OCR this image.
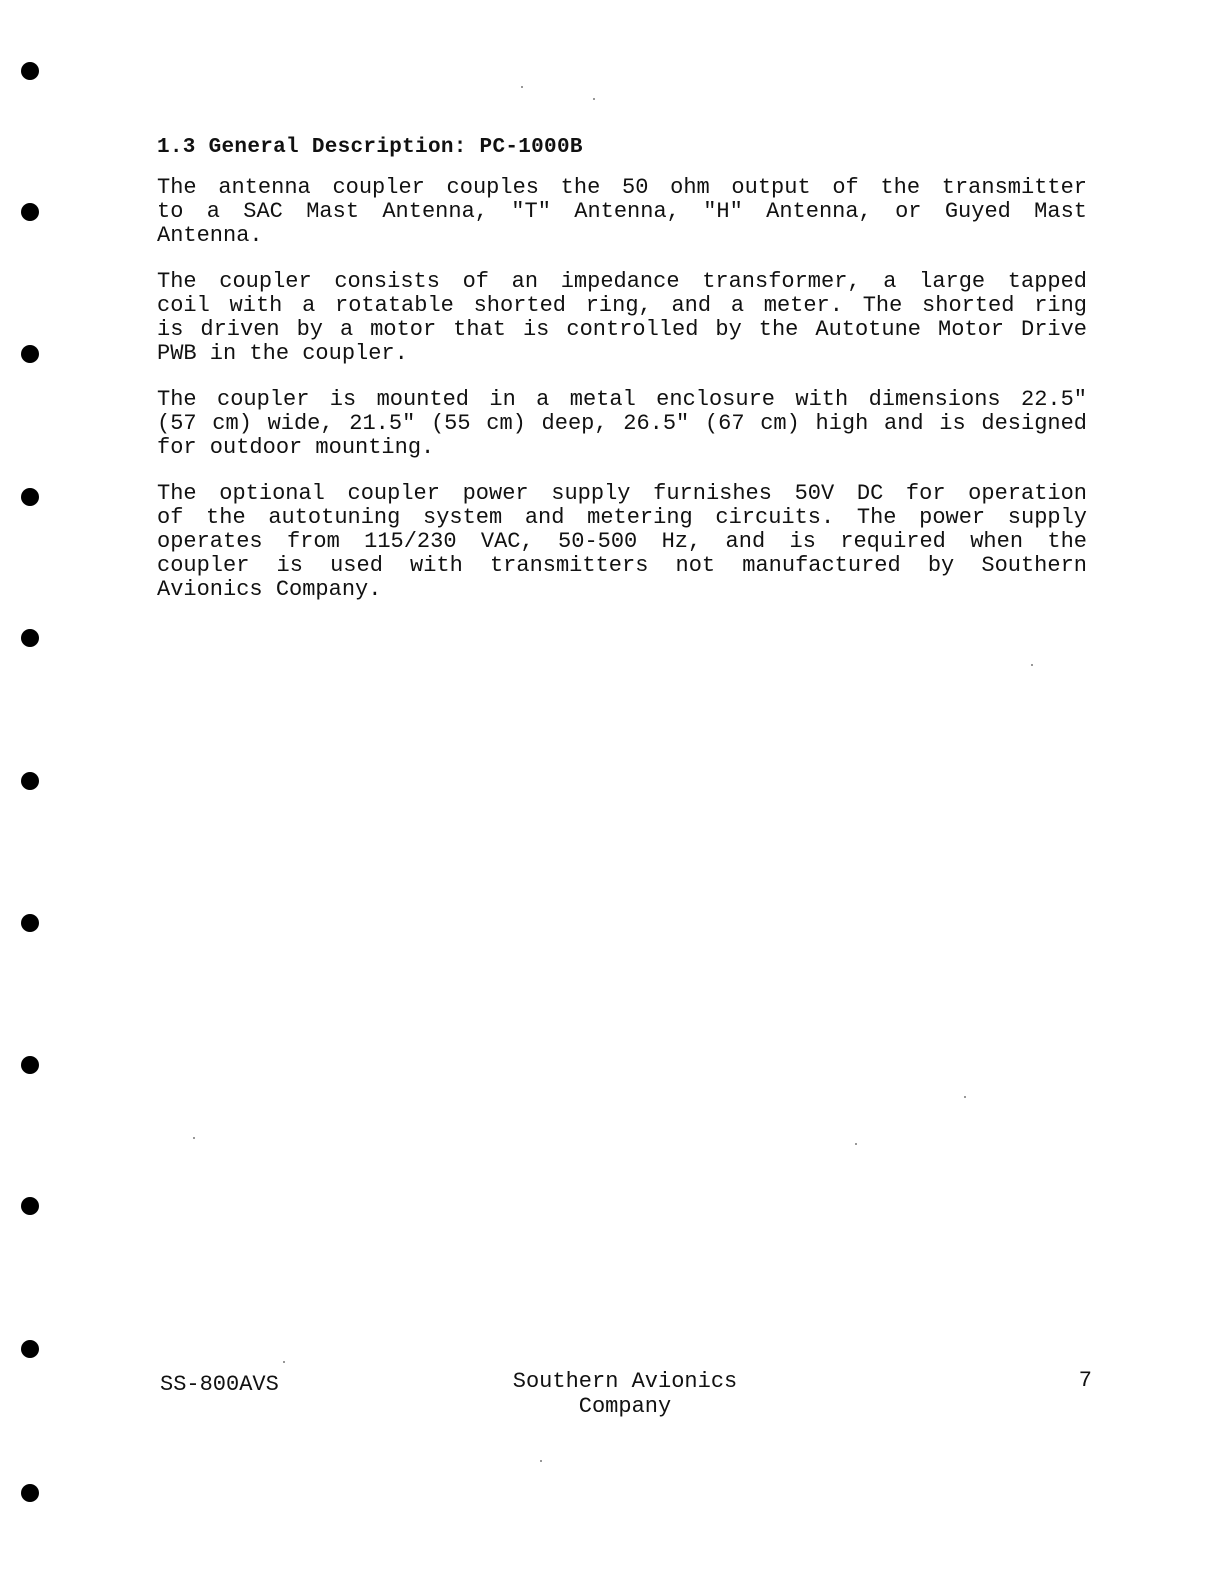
1.3 General Description: PC-1000B
The antenna coupler couples the 50 ohm output of the transmitter
to a SAC Mast Antenna, "T" Antenna, "H" Antenna, or Guyed Mast
Antenna.
The coupler consists of an impedance transformer, a large tapped
coil with a rotatable shorted ring, and a meter. The shorted ring
is driven by a motor that is controlled by the Autotune Motor Drive
PWB in the coupler.
The coupler is mounted in a metal enclosure with dimensions 22.5"
(57 cm) wide, 21.5" (55 cm) deep, 26.5" (67 cm) high and is designed
for outdoor mounting.
The optional coupler power supply furnishes 50V DC for operation
of the autotuning system and metering circuits. The power supply
operates from 115/230 VAC, 50-500 Hz, and is required when the
coupler is used with transmitters not manufactured by Southern
Avionics Company.
SS-800AVS	Southern Avionics
Company
7
